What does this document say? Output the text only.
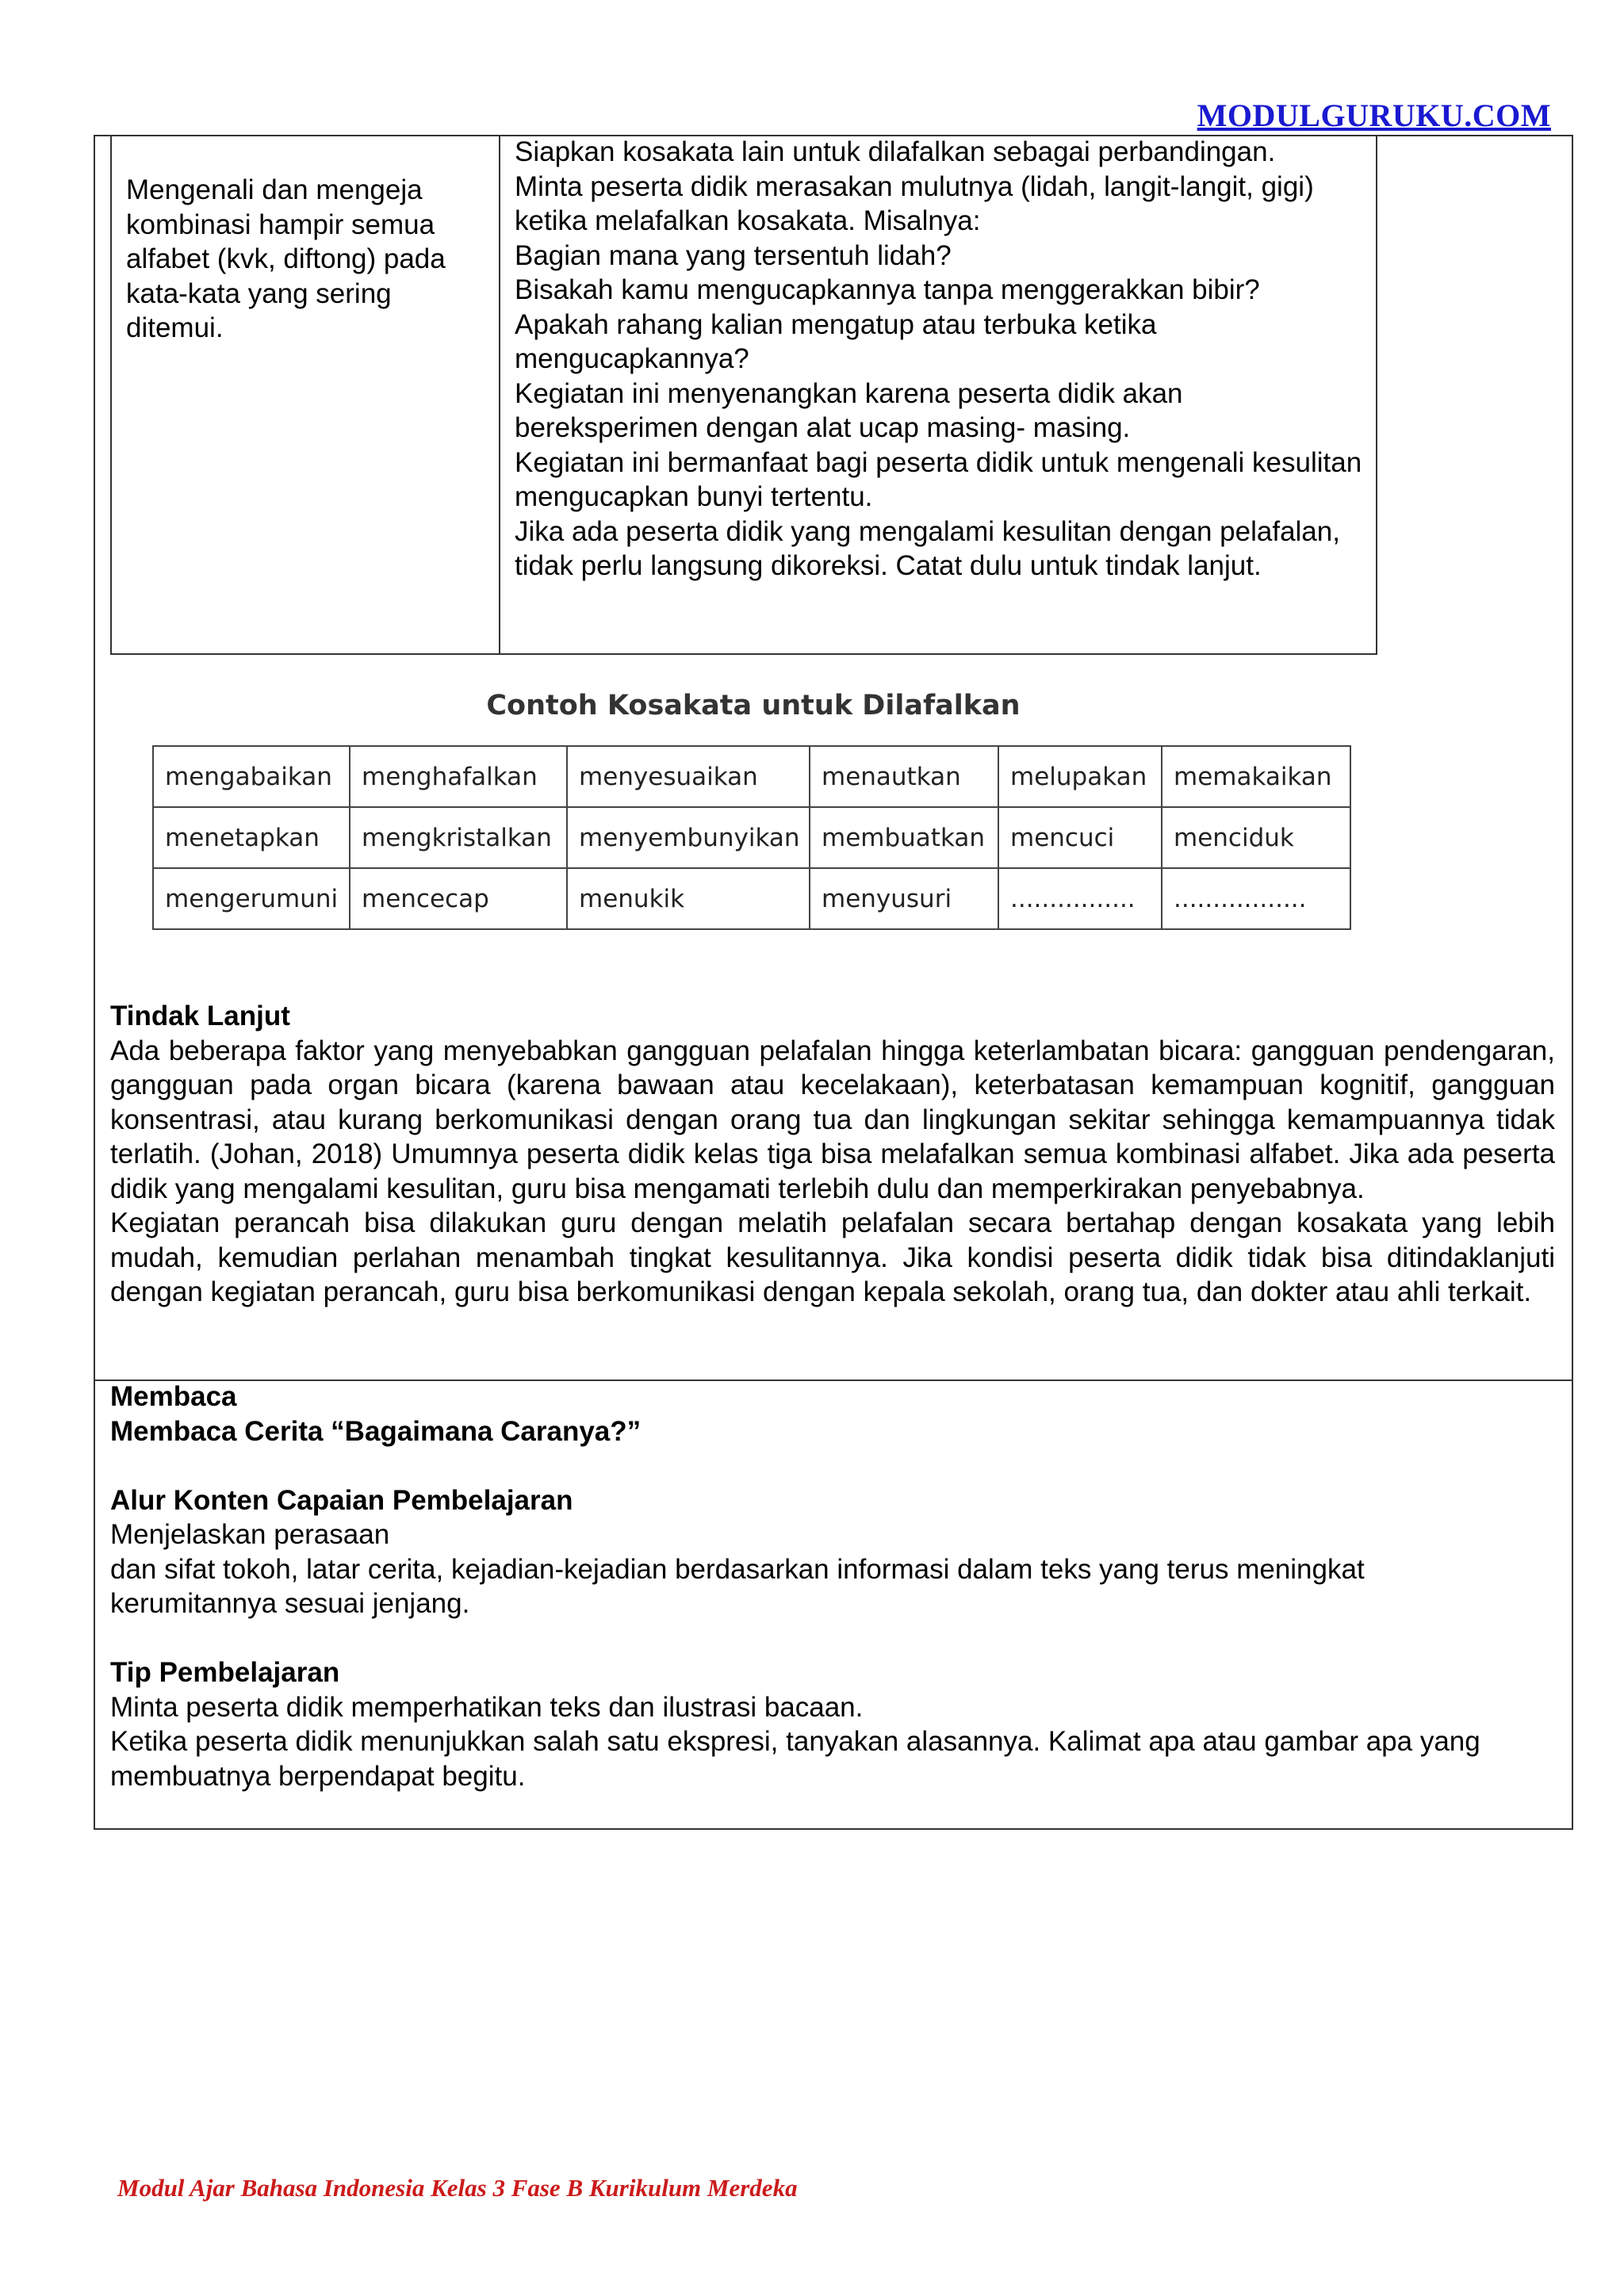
MODULGURUKU.COM

Mengenali dan mengeja kombinasi hampir semua alfabet (kvk, diftong) pada kata-kata yang sering ditemui.

Siapkan kosakata lain untuk dilafalkan sebagai perbandingan.

Minta peserta didik merasakan mulutnya (lidah, langit-langit, gigi) ketika melafalkan kosakata. Misalnya:

Bagian mana yang tersentuh lidah?

Bisakah kamu mengucapkannya tanpa menggerakkan bibir?

Apakah rahang kalian mengatup atau terbuka ketika mengucapkannya?

Kegiatan ini menyenangkan karena peserta didik akan bereksperimen dengan alat ucap masing- masing.

Kegiatan ini bermanfaat bagi peserta didik untuk mengenali kesulitan mengucapkan bunyi tertentu.

Jika ada peserta didik yang mengalami kesulitan dengan pelafalan, tidak perlu langsung dikoreksi. Catat dulu untuk tindak lanjut.

Contoh Kosakata untuk Dilafalkan
mengabaikan	menghafalkan	menyesuaikan	menautkan	melupakan	memakaikan
menetapkan	mengkristalkan	menyembunyikan	membuatkan	mencuci	menciduk
mengerumuni	mencecap	menukik	menyusuri	................	.................

Tindak Lanjut

Ada beberapa faktor yang menyebabkan gangguan pelafalan hingga keterlambatan bicara: gangguan pendengaran, gangguan pada organ bicara (karena bawaan atau kecelakaan), keterbatasan kemampuan kognitif, gangguan konsentrasi, atau kurang berkomunikasi dengan orang tua dan lingkungan sekitar sehingga kemampuannya tidak terlatih. (Johan, 2018) Umumnya peserta didik kelas tiga bisa melafalkan semua kombinasi alfabet. Jika ada peserta didik yang mengalami kesulitan, guru bisa mengamati terlebih dulu dan memperkirakan penyebabnya.

Kegiatan perancah bisa dilakukan guru dengan melatih pelafalan secara bertahap dengan kosakata yang lebih mudah, kemudian perlahan menambah tingkat kesulitannya. Jika kondisi peserta didik tidak bisa ditindaklanjuti dengan kegiatan perancah, guru bisa berkomunikasi dengan kepala sekolah, orang tua, dan dokter atau ahli terkait.

Membaca

Membaca Cerita “Bagaimana Caranya?”

Alur Konten Capaian Pembelajaran

Menjelaskan perasaan

dan sifat tokoh, latar cerita, kejadian-kejadian berdasarkan informasi dalam teks yang terus meningkat kerumitannya sesuai jenjang.

Tip Pembelajaran

Minta peserta didik memperhatikan teks dan ilustrasi bacaan.

Ketika peserta didik menunjukkan salah satu ekspresi, tanyakan alasannya. Kalimat apa atau gambar apa yang membuatnya berpendapat begitu.

Modul Ajar Bahasa Indonesia Kelas 3 Fase B Kurikulum Merdeka
